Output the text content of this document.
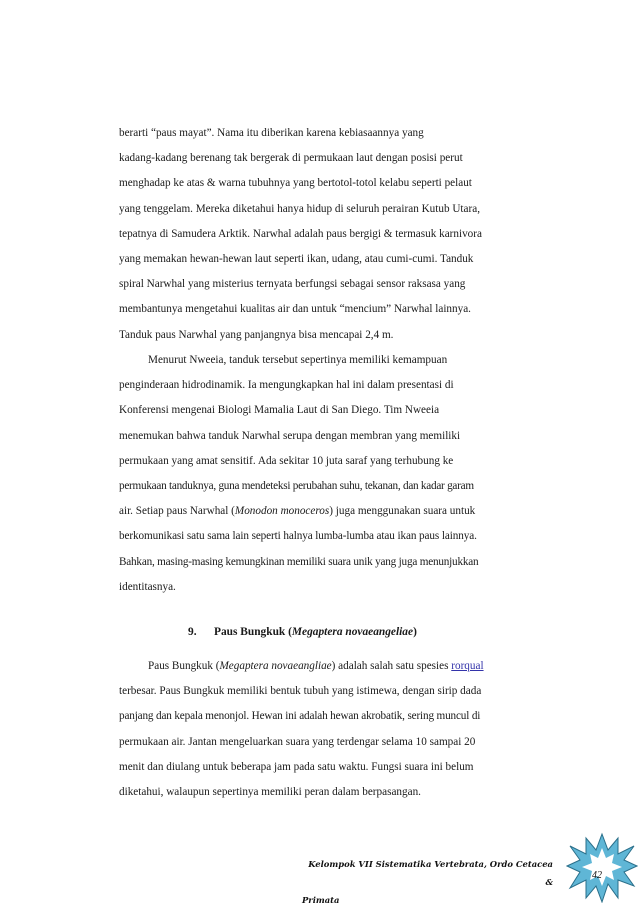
berarti “paus mayat”. Nama itu diberikan karena kebiasaannya yang

kadang-kadang berenang tak bergerak di permukaan laut dengan posisi perut

menghadap ke atas & warna tubuhnya yang bertotol-totol kelabu seperti pelaut

yang tenggelam. Mereka diketahui hanya hidup di seluruh perairan Kutub Utara,

tepatnya di Samudera Arktik. Narwhal adalah paus bergigi & termasuk karnivora

yang memakan hewan-hewan laut seperti ikan, udang, atau cumi-cumi. Tanduk

spiral Narwhal yang misterius ternyata berfungsi sebagai sensor raksasa yang

membantunya mengetahui kualitas air dan untuk “mencium” Narwhal lainnya.

Tanduk paus Narwhal yang panjangnya bisa mencapai 2,4 m.

Menurut Nweeia, tanduk tersebut sepertinya memiliki kemampuan

penginderaan hidrodinamik. Ia mengungkapkan hal ini dalam presentasi di

Konferensi mengenai Biologi Mamalia Laut di San Diego. Tim Nweeia

menemukan bahwa tanduk Narwhal serupa dengan membran yang memiliki

permukaan yang amat sensitif. Ada sekitar 10 juta saraf yang terhubung ke

permukaan tanduknya, guna mendeteksi perubahan suhu, tekanan, dan kadar garam

air. Setiap paus Narwhal (Monodon monoceros) juga menggunakan suara untuk

berkomunikasi satu sama lain seperti halnya lumba-lumba atau ikan paus lainnya.

Bahkan, masing-masing kemungkinan memiliki suara unik yang juga menunjukkan

identitasnya.

9. Paus Bungkuk (Megaptera novaeangeliae)

Paus Bungkuk (Megaptera novaeangliae) adalah salah satu spesies rorqual

terbesar. Paus Bungkuk memiliki bentuk tubuh yang istimewa, dengan sirip dada

panjang dan kepala menonjol. Hewan ini adalah hewan akrobatik, sering muncul di

permukaan air. Jantan mengeluarkan suara yang terdengar selama 10 sampai 20

menit dan diulang untuk beberapa jam pada satu waktu. Fungsi suara ini belum

diketahui, walaupun sepertinya memiliki peran dalam berpasangan.

Kelompok VII Sistematika Vertebrata, Ordo Cetacea &
Primata
42
